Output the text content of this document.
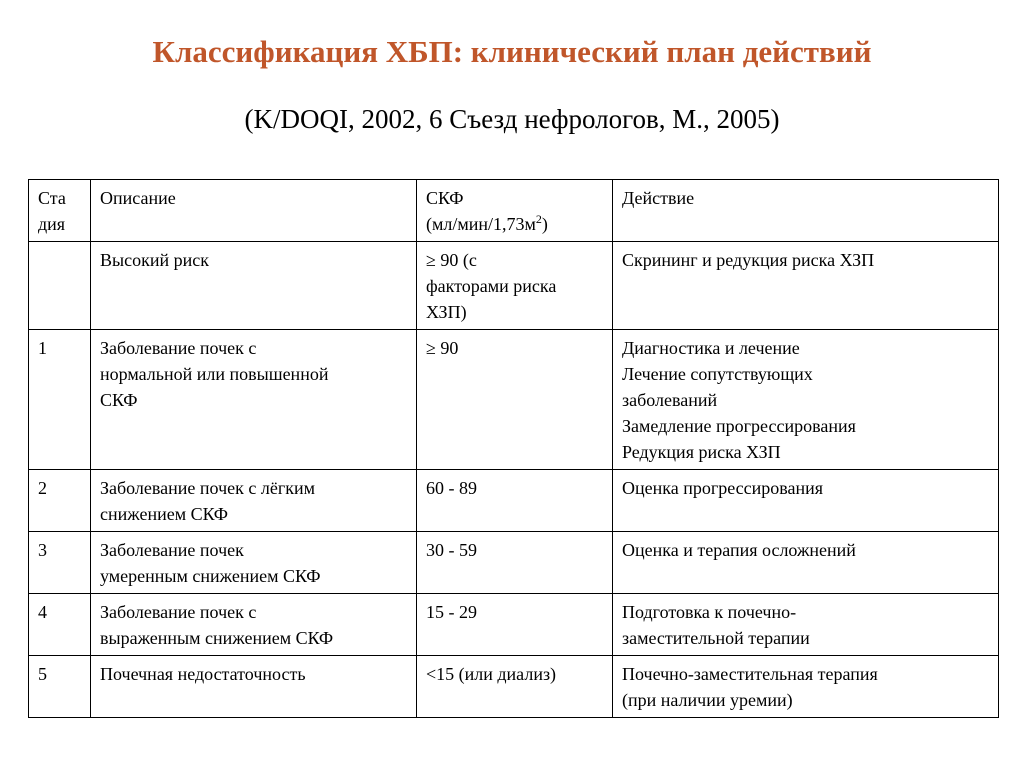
Классификация ХБП: клинический план действий
(K/DOQI, 2002, 6 Съезд нефрологов, М., 2005)
Ста
дия	Описание	СКФ
$(мл/мин/1,73м^2)$	Действие

	Высокий риск	≥ 90 (с
факторами риска
ХЗП)	Скрининг и редукция риска ХЗП

1	Заболевание почек с
нормальной или повышенной
СКФ	≥ 90	Диагностика и лечение
Лечение сопутствующих
заболеваний
Замедление прогрессирования
Редукция риска ХЗП

2	Заболевание почек с лёгким
снижением СКФ	60 - 89	Оценка прогрессирования

3	Заболевание почек
умеренным снижением СКФ	30 - 59	Оценка и терапия осложнений

4	Заболевание почек с
выраженным снижением СКФ	15 - 29	Подготовка к почечно-
заместительной терапии

5	Почечная недостаточность	<15 (или диализ)	Почечно-заместительная терапия
(при наличии уремии)
